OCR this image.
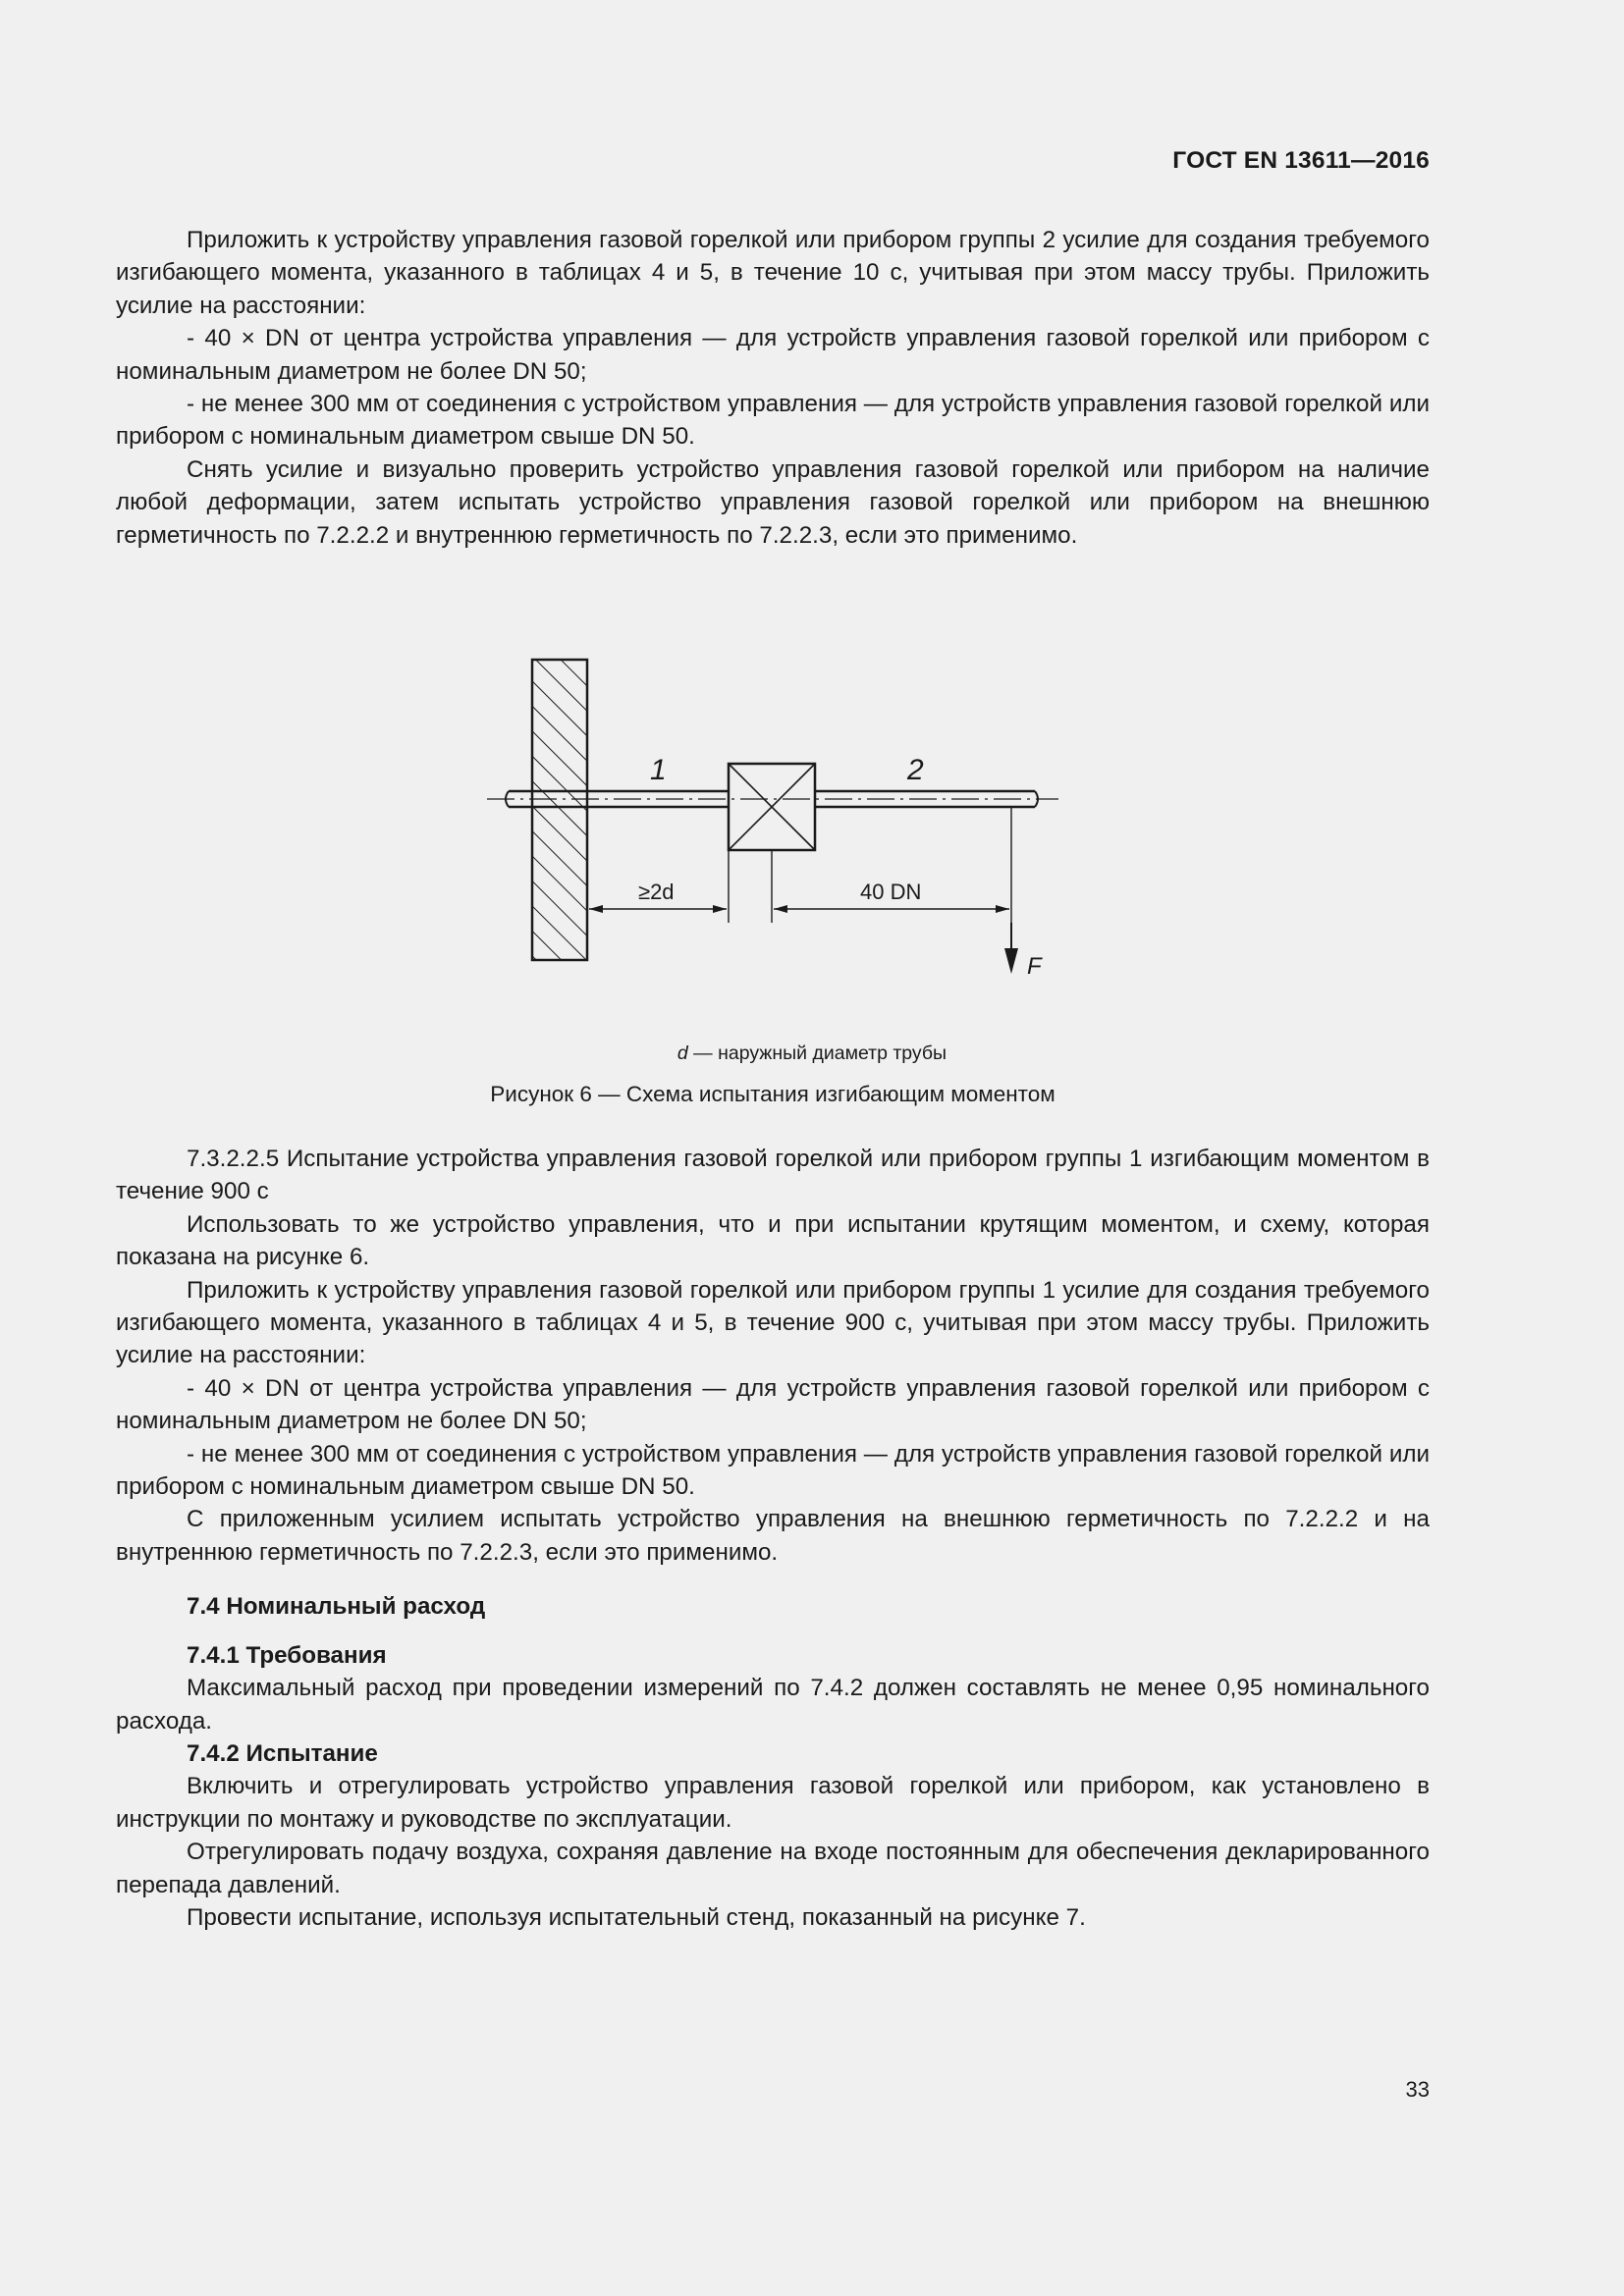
ГОСТ EN 13611—2016

Приложить к устройству управления газовой горелкой или прибором группы 2 усилие для создания требуемого изгибающего момента, указанного в таблицах 4 и 5, в течение 10 с, учитывая при этом массу трубы. Приложить усилие на расстоянии:

- 40 × DN от центра устройства управления — для устройств управления газовой горелкой или прибором с номинальным диаметром не более DN 50;

- не менее 300 мм от соединения с устройством управления — для устройств управления газовой горелкой или прибором с номинальным диаметром свыше DN 50.

Снять усилие и визуально проверить устройство управления газовой горелкой или прибором на наличие любой деформации, затем испытать устройство управления газовой горелкой или прибором на внешнюю герметичность по 7.2.2.2 и внутреннюю герметичность по 7.2.2.3, если это применимо.

1	2
≥2d	40 DN
F
d — наружный диаметр трубы
Рисунок 6 — Схема испытания изгибающим моментом

7.3.2.2.5 Испытание устройства управления газовой горелкой или прибором группы 1 изгибающим моментом в течение 900 с

Использовать то же устройство управления, что и при испытании крутящим моментом, и схему, которая показана на рисунке 6.

Приложить к устройству управления газовой горелкой или прибором группы 1 усилие для создания требуемого изгибающего момента, указанного в таблицах 4 и 5, в течение 900 с, учитывая при этом массу трубы. Приложить усилие на расстоянии:

- 40 × DN от центра устройства управления — для устройств управления газовой горелкой или прибором с номинальным диаметром не более DN 50;

- не менее 300 мм от соединения с устройством управления — для устройств управления газовой горелкой или прибором с номинальным диаметром свыше DN 50.

С приложенным усилием испытать устройство управления на внешнюю герметичность по 7.2.2.2 и на внутреннюю герметичность по 7.2.2.3, если это применимо.

7.4 Номинальный расход

7.4.1 Требования

Максимальный расход при проведении измерений по 7.4.2 должен составлять не менее 0,95 номинального расхода.

7.4.2 Испытание

Включить и отрегулировать устройство управления газовой горелкой или прибором, как установлено в инструкции по монтажу и руководстве по эксплуатации.

Отрегулировать подачу воздуха, сохраняя давление на входе постоянным для обеспечения декларированного перепада давлений.

Провести испытание, используя испытательный стенд, показанный на рисунке 7.

33
